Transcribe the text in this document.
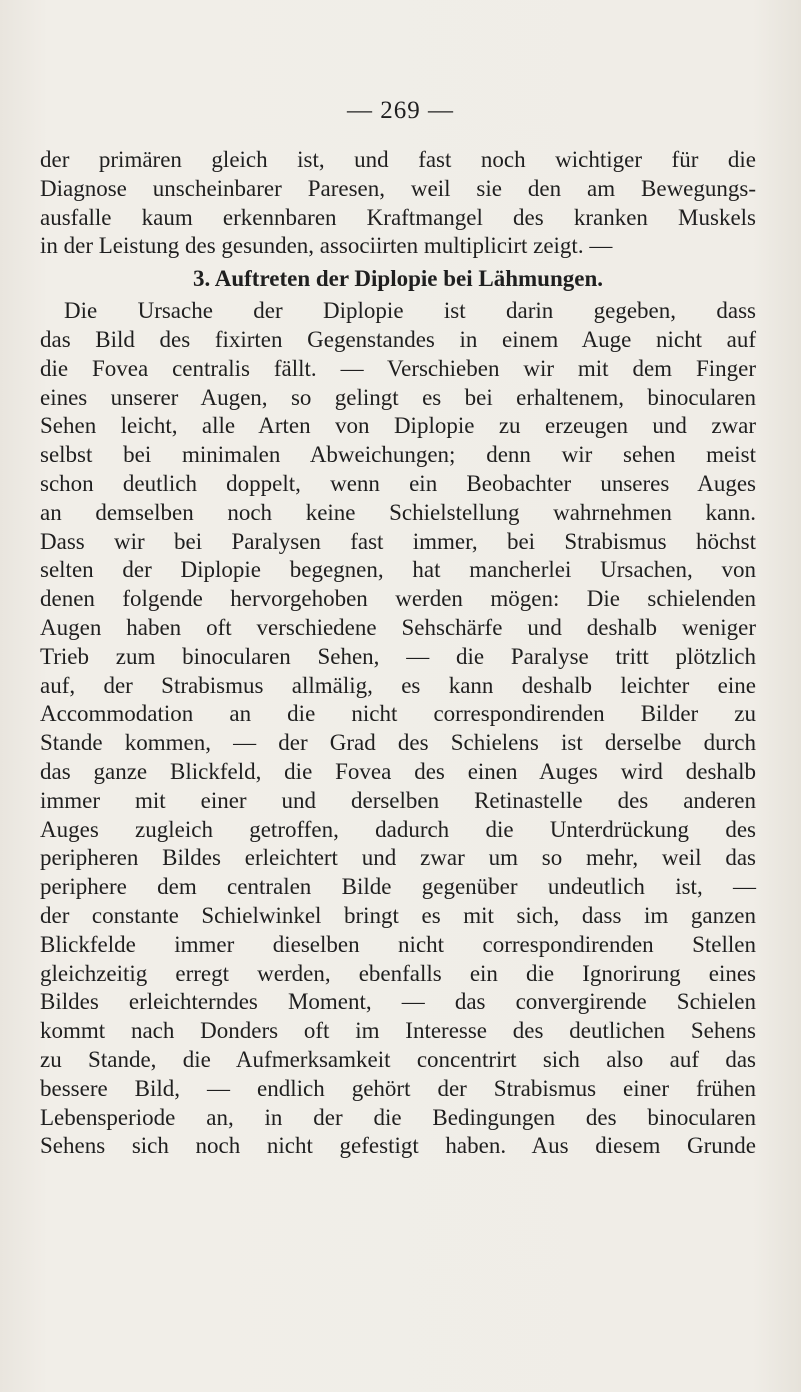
— 269 —
der primären gleich ist, und fast noch wichtiger für die
Diagnose unscheinbarer Paresen, weil sie den am Bewegungs-
ausfalle kaum erkennbaren Kraftmangel des kranken Muskels
in der Leistung des gesunden, associirten multiplicirt zeigt. —
3. Auftreten der Diplopie bei Lähmungen.
Die Ursache der Diplopie ist darin gegeben, dass
das Bild des fixirten Gegenstandes in einem Auge nicht auf
die Fovea centralis fällt. — Verschieben wir mit dem Finger
eines unserer Augen, so gelingt es bei erhaltenem, binocularen
Sehen leicht, alle Arten von Diplopie zu erzeugen und zwar
selbst bei minimalen Abweichungen; denn wir sehen meist
schon deutlich doppelt, wenn ein Beobachter unseres Auges
an demselben noch keine Schielstellung wahrnehmen kann.
Dass wir bei Paralysen fast immer, bei Strabismus höchst
selten der Diplopie begegnen, hat mancherlei Ursachen, von
denen folgende hervorgehoben werden mögen: Die schielenden
Augen haben oft verschiedene Sehschärfe und deshalb weniger
Trieb zum binocularen Sehen, — die Paralyse tritt plötzlich
auf, der Strabismus allmälig, es kann deshalb leichter eine
Accommodation an die nicht correspondirenden Bilder zu
Stande kommen, — der Grad des Schielens ist derselbe durch
das ganze Blickfeld, die Fovea des einen Auges wird deshalb
immer mit einer und derselben Retinastelle des anderen
Auges zugleich getroffen, dadurch die Unterdrückung des
peripheren Bildes erleichtert und zwar um so mehr, weil das
periphere dem centralen Bilde gegenüber undeutlich ist, —
der constante Schielwinkel bringt es mit sich, dass im ganzen
Blickfelde immer dieselben nicht correspondirenden Stellen
gleichzeitig erregt werden, ebenfalls ein die Ignorirung eines
Bildes erleichterndes Moment, — das convergirende Schielen
kommt nach Donders oft im Interesse des deutlichen Sehens
zu Stande, die Aufmerksamkeit concentrirt sich also auf das
bessere Bild, — endlich gehört der Strabismus einer frühen
Lebensperiode an, in der die Bedingungen des binocularen
Sehens sich noch nicht gefestigt haben. Aus diesem Grunde
